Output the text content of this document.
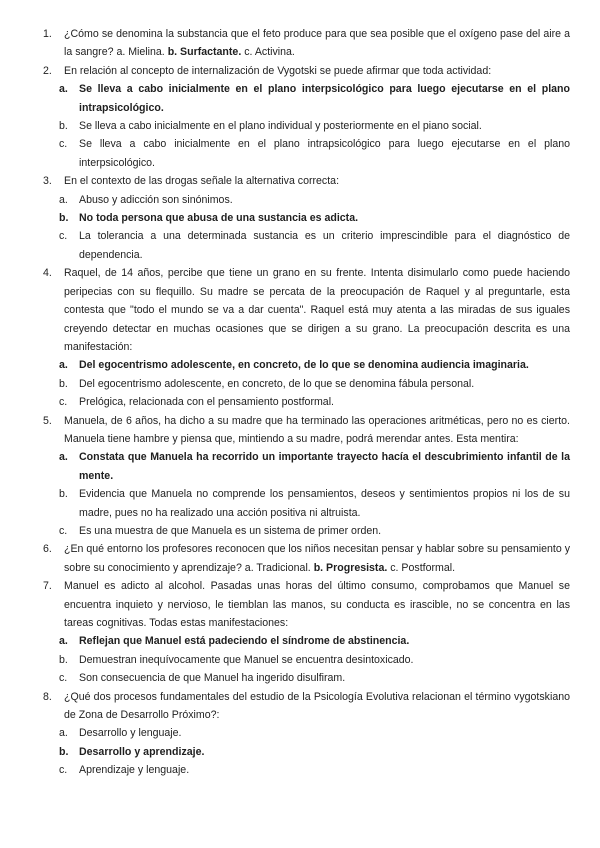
1. ¿Cómo se denomina la substancia que el feto produce para que sea posible que el oxígeno pase del aire a la sangre? a. Mielina. b. Surfactante. c. Activina.
2. En relación al concepto de internalización de Vygotski se puede afirmar que toda actividad:
a. Se lleva a cabo inicialmente en el plano interpsicológico para luego ejecutarse en el plano intrapsicológico.
b. Se lleva a cabo inicialmente en el plano individual y posteriormente en el piano social.
c. Se lleva a cabo inicialmente en el plano intrapsicológico para luego ejecutarse en el plano interpsicológico.
3. En el contexto de las drogas señale la alternativa correcta:
a. Abuso y adicción son sinónimos.
b. No toda persona que abusa de una sustancia es adicta.
c. La tolerancia a una determinada sustancia es un criterio imprescindible para el diagnóstico de dependencia.
4. Raquel, de 14 años, percibe que tiene un grano en su frente. Intenta disimularlo como puede haciendo peripecias con su flequillo. Su madre se percata de la preocupación de Raquel y al preguntarle, esta contesta que "todo el mundo se va a dar cuenta". Raquel está muy atenta a las miradas de sus iguales creyendo detectar en muchas ocasiones que se dirigen a su grano. La preocupación descrita es una manifestación:
a. Del egocentrismo adolescente, en concreto, de lo que se denomina audiencia imaginaria.
b. Del egocentrismo adolescente, en concreto, de lo que se denomina fábula personal.
c. Prelógica, relacionada con el pensamiento postformal.
5. Manuela, de 6 años, ha dicho a su madre que ha terminado las operaciones aritméticas, pero no es cierto. Manuela tiene hambre y piensa que, mintiendo a su madre, podrá merendar antes. Esta mentira:
a. Constata que Manuela ha recorrido un importante trayecto hacía el descubrimiento infantil de la mente.
b. Evidencia que Manuela no comprende los pensamientos, deseos y sentimientos propios ni los de su madre, pues no ha realizado una acción positiva ni altruista.
c. Es una muestra de que Manuela es un sistema de primer orden.
6. ¿En qué entorno los profesores reconocen que los niños necesitan pensar y hablar sobre su pensamiento y sobre su conocimiento y aprendizaje? a. Tradicional. b. Progresista. c. Postformal.
7. Manuel es adicto al alcohol. Pasadas unas horas del último consumo, comprobamos que Manuel se encuentra inquieto y nervioso, le tiemblan las manos, su conducta es irascible, no se concentra en las tareas cognitivas. Todas estas manifestaciones:
a. Reflejan que Manuel está padeciendo el síndrome de abstinencia.
b. Demuestran inequívocamente que Manuel se encuentra desintoxicado.
c. Son consecuencia de que Manuel ha ingerido disulfiram.
8. ¿Qué dos procesos fundamentales del estudio de la Psicología Evolutiva relacionan el término vygotskiano de Zona de Desarrollo Próximo?:
a. Desarrollo y lenguaje.
b. Desarrollo y aprendizaje.
c. Aprendizaje y lenguaje.
